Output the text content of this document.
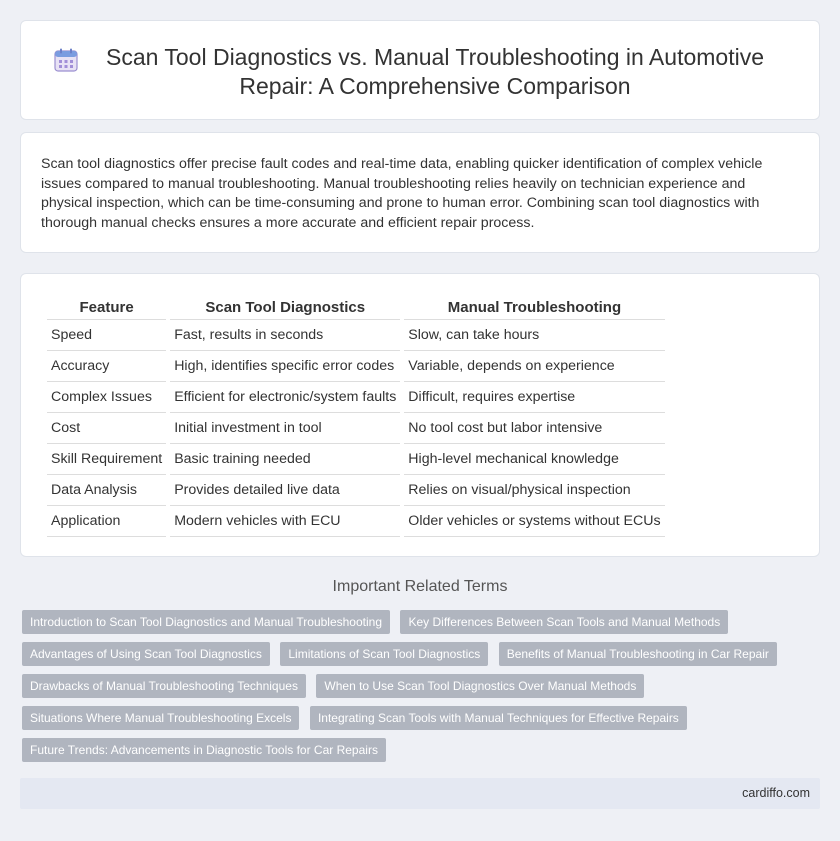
Scan Tool Diagnostics vs. Manual Troubleshooting in Automotive Repair: A Comprehensive Comparison

Scan tool diagnostics offer precise fault codes and real-time data, enabling quicker identification of complex vehicle issues compared to manual troubleshooting. Manual troubleshooting relies heavily on technician experience and physical inspection, which can be time-consuming and prone to human error. Combining scan tool diagnostics with thorough manual checks ensures a more accurate and efficient repair process.

Feature	Scan Tool Diagnostics	Manual Troubleshooting
Speed	Fast, results in seconds	Slow, can take hours
Accuracy	High, identifies specific error codes	Variable, depends on experience
Complex Issues	Efficient for electronic/system faults	Difficult, requires expertise
Cost	Initial investment in tool	No tool cost but labor intensive
Skill Requirement	Basic training needed	High-level mechanical knowledge
Data Analysis	Provides detailed live data	Relies on visual/physical inspection
Application	Modern vehicles with ECU	Older vehicles or systems without ECUs
Important Related Terms
Introduction to Scan Tool Diagnostics and Manual Troubleshooting Key Differences Between Scan Tools and Manual Methods Advantages of Using Scan Tool Diagnostics Limitations of Scan Tool Diagnostics Benefits of Manual Troubleshooting in Car Repair Drawbacks of Manual Troubleshooting Techniques When to Use Scan Tool Diagnostics Over Manual Methods Situations Where Manual Troubleshooting Excels Integrating Scan Tools with Manual Techniques for Effective Repairs Future Trends: Advancements in Diagnostic Tools for Car Repairs
cardiffo.com
